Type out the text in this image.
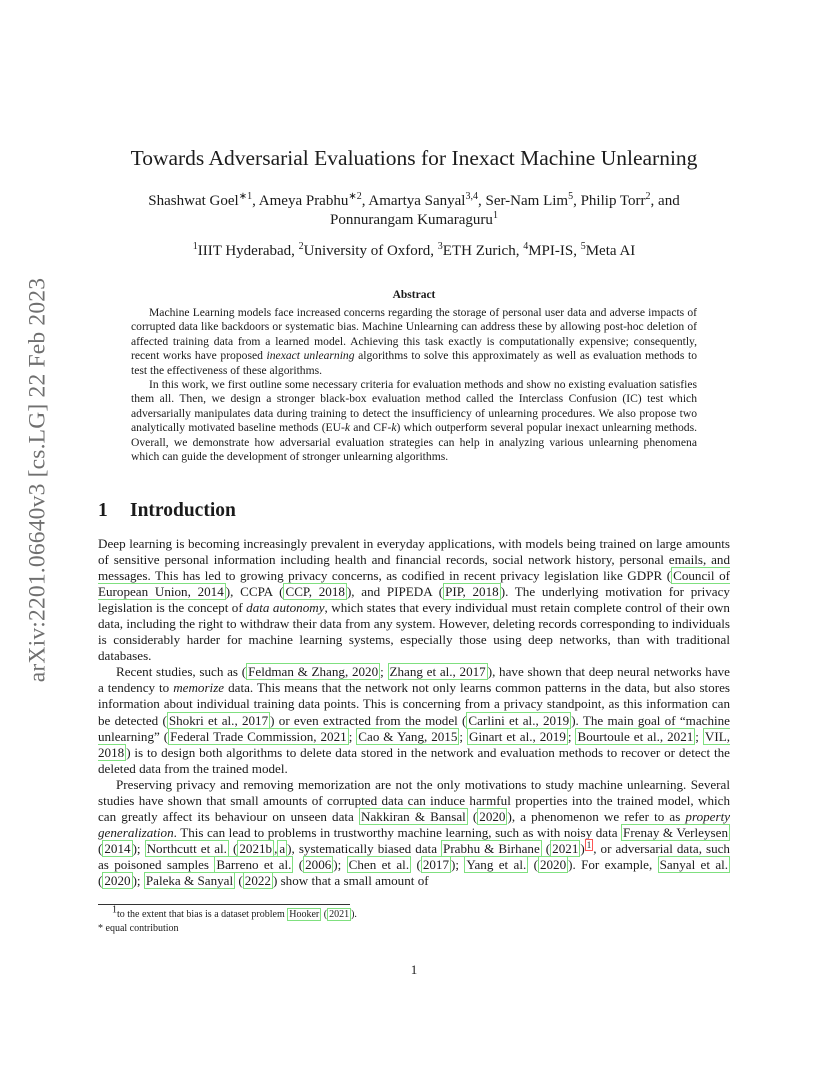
arXiv:2201.06640v3 [cs.LG] 22 Feb 2023
Towards Adversarial Evaluations for Inexact Machine Unlearning
Shashwat Goel$^{∗1}$, Ameya Prabhu$^{∗2}$, Amartya Sanyal$^{3,4}$, Ser-Nam Lim$^5$, Philip Torr$^2$, and
Ponnurangam Kumaraguru$^1$
$^1$IIIT Hyderabad, $^2$University of Oxford, $^3$ETH Zurich, $^4$MPI-IS, $^5$Meta AI
Abstract

Machine Learning models face increased concerns regarding the storage of personal user data and adverse impacts of corrupted data like backdoors or systematic bias. Machine Unlearning can address these by allowing post-hoc deletion of affected training data from a learned model. Achieving this task exactly is computationally expensive; consequently, recent works have proposed inexact unlearning algorithms to solve this approximately as well as evaluation methods to test the effectiveness of these algorithms.

In this work, we first outline some necessary criteria for evaluation methods and show no existing evaluation satisfies them all. Then, we design a stronger black-box evaluation method called the Interclass Confusion (IC) test which adversarially manipulates data during training to detect the insufficiency of unlearning procedures. We also propose two analytically motivated baseline methods (EU-k and CF-k) which outperform several popular inexact unlearning methods. Overall, we demonstrate how adversarial evaluation strategies can help in analyzing various unlearning phenomena which can guide the development of stronger unlearning algorithms.

1 Introduction

Deep learning is becoming increasingly prevalent in everyday applications, with models being trained on large amounts of sensitive personal information including health and financial records, social network history, personal emails, and messages. This has led to growing privacy concerns, as codified in recent privacy legislation like GDPR ( Council of European Union, 2014 ), CCPA ( CCP, 2018 ), and PIPEDA ( PIP, 2018 ). The underlying motivation for privacy legislation is the concept of data autonomy, which states that every individual must retain complete control of their own data, including the right to withdraw their data from any system. However, deleting records corresponding to individuals is considerably harder for machine learning systems, especially those using deep networks, than with traditional databases.

Recent studies, such as ( Feldman & Zhang, 2020 ; Zhang et al., 2017 ), have shown that deep neural networks have a tendency to memorize data. This means that the network not only learns common patterns in the data, but also stores information about individual training data points. This is concerning from a privacy standpoint, as this information can be detected ( Shokri et al., 2017 ) or even extracted from the model ( Carlini et al., 2019 ). The main goal of “machine unlearning” ( Federal Trade Commission, 2021 ; Cao & Yang, 2015 ; Ginart et al., 2019 ; Bourtoule et al., 2021 ; VIL, 2018 ) is to design both algorithms to delete data stored in the network and evaluation methods to recover or detect the deleted data from the trained model.

Preserving privacy and removing memorization are not the only motivations to study machine unlearning. Several studies have shown that small amounts of corrupted data can induce harmful properties into the trained model, which can greatly affect its behaviour on unseen data Nakkiran & Bansal ( 2020 ), a phenomenon we refer to as property generalization. This can lead to problems in trustworthy machine learning, such as with noisy data Frenay & Verleysen ( 2014 ); Northcutt et al. ( 2021b , a ), systematically biased data Prabhu & Birhane ( 2021 ) $^1$ , or adversarial data, such as poisoned samples Barreno et al. ( 2006 ); Chen et al. ( 2017 ); Yang et al. ( 2020 ). For example, Sanyal et al. ( 2020 ); Paleka & Sanyal ( 2022 ) show that a small amount of

$^1$to the extent that bias is a dataset problem Hooker ( 2021 ).

* equal contribution

1
